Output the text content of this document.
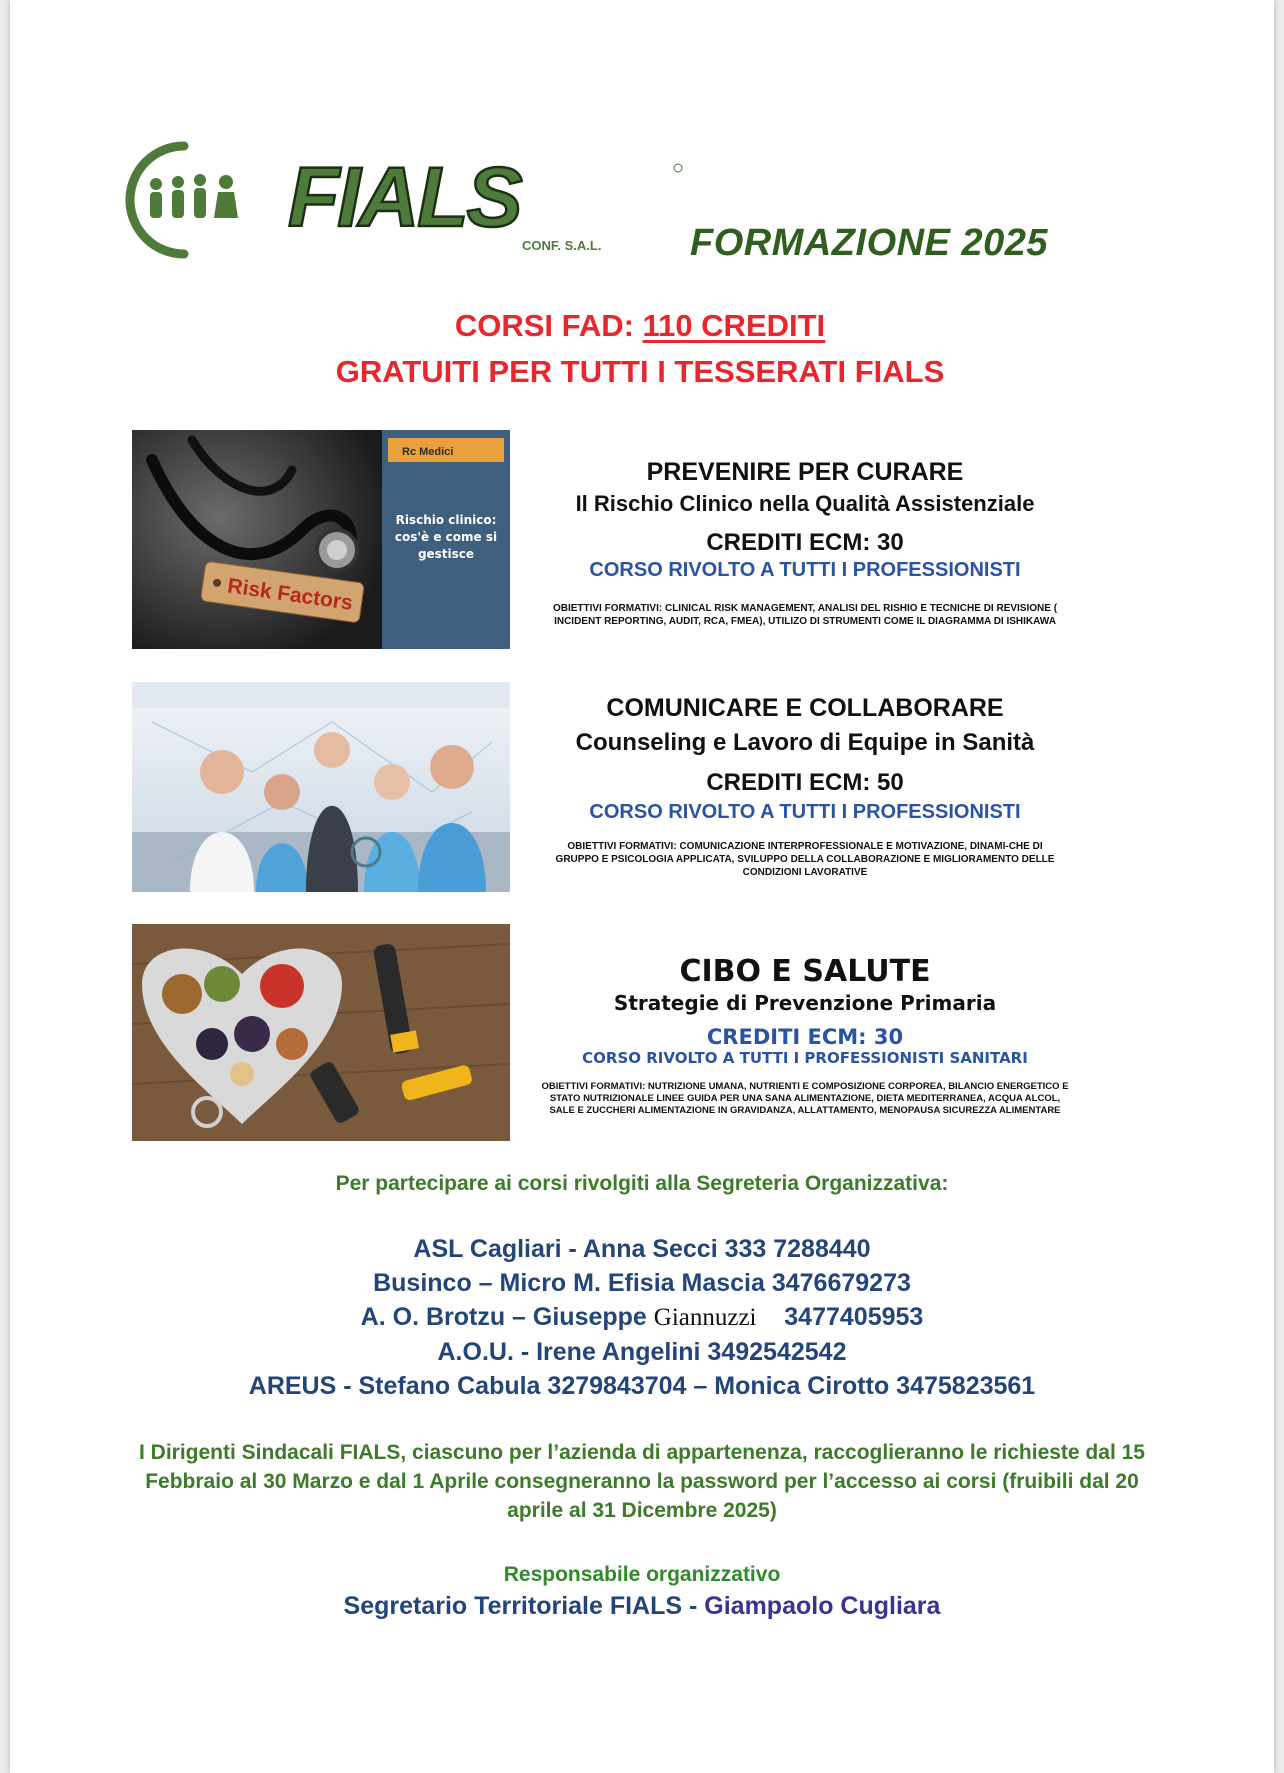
FIALS
CONF. S.A.L. FORMAZIONE 2025
CORSI FAD: 110 CREDITI
GRATUITI PER TUTTI I TESSERATI FIALS
Risk Factors
Rc Medici
Rischio clinico: cos'è e come si gestisce
PREVENIRE PER CURARE
Il Rischio Clinico nella Qualità Assistenziale
CREDITI ECM: 30
CORSO RIVOLTO A TUTTI I PROFESSIONISTI
OBIETTIVI FORMATIVI: CLINICAL RISK MANAGEMENT, ANALISI DEL RISHIO E TECNICHE DI REVISIONE ( INCIDENT REPORTING, AUDIT, RCA, FMEA), UTILIZO DI STRUMENTI COME IL DIAGRAMMA DI ISHIKAWA
COMUNICARE E COLLABORARE
Counseling e Lavoro di Equipe in Sanità
CREDITI ECM: 50
CORSO RIVOLTO A TUTTI I PROFESSIONISTI
OBIETTIVI FORMATIVI: COMUNICAZIONE INTERPROFESSIONALE E MOTIVAZIONE, DINAMI-CHE DI GRUPPO E PSICOLOGIA APPLICATA, SVILUPPO DELLA COLLABORAZIONE E MIGLIORAMENTO DELLE CONDIZIONI LAVORATIVE
CIBO E SALUTE
Strategie di Prevenzione Primaria
CREDITI ECM: 30
CORSO RIVOLTO A TUTTI I PROFESSIONISTI SANITARI
OBIETTIVI FORMATIVI: NUTRIZIONE UMANA, NUTRIENTI E COMPOSIZIONE CORPOREA, BILANCIO ENERGETICO E STATO NUTRIZIONALE LINEE GUIDA PER UNA SANA ALIMENTAZIONE, DIETA MEDITERRANEA, ACQUA ALCOL, SALE E ZUCCHERI ALIMENTAZIONE IN GRAVIDANZA, ALLATTAMENTO, MENOPAUSA SICUREZZA ALIMENTARE
Per partecipare ai corsi rivolgiti alla Segreteria Organizzativa:
ASL Cagliari - Anna Secci 333 7288440
Businco – Micro M. Efisia Mascia 3476679273
A. O. Brotzu – Giuseppe Giannuzzi    3477405953
A.O.U. - Irene Angelini 3492542542
AREUS - Stefano Cabula 3279843704 – Monica Cirotto 3475823561
I Dirigenti Sindacali FIALS, ciascuno per l’azienda di appartenenza, raccoglieranno le richieste dal 15 Febbraio al 30 Marzo e dal 1 Aprile consegneranno la password per l’accesso ai corsi (fruibili dal 20 aprile al 31 Dicembre 2025)
Responsabile organizzativo
Segretario Territoriale FIALS - Giampaolo Cugliara
